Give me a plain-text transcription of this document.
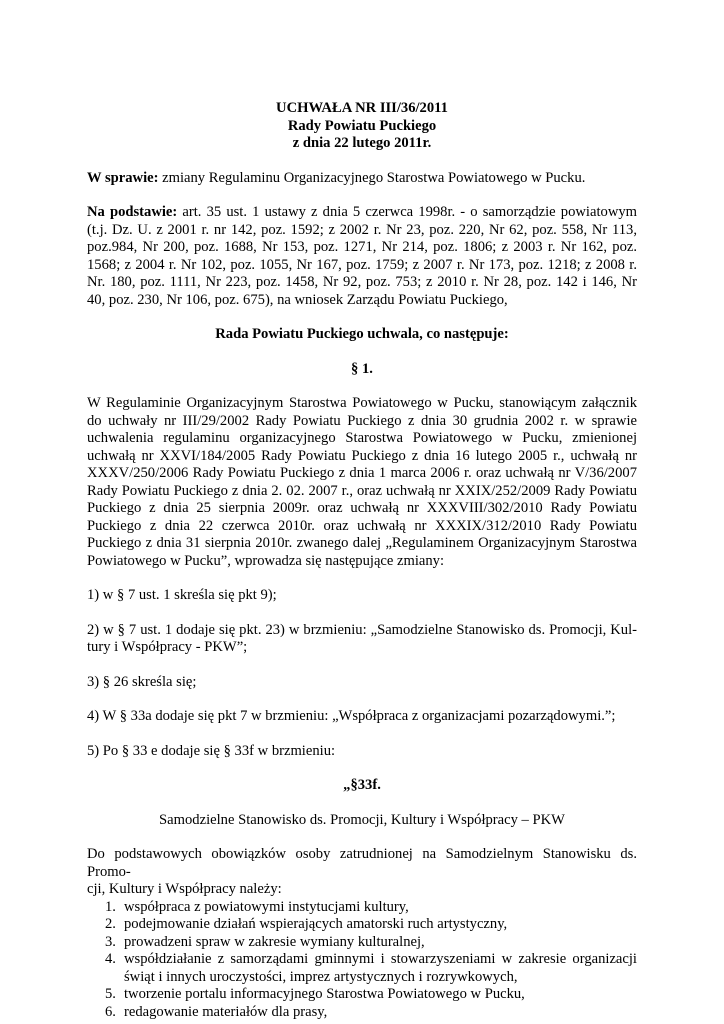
UCHWAŁA NR III/36/2011
Rady Powiatu Puckiego
z dnia 22 lutego 2011r.

W sprawie: zmiany Regulaminu Organizacyjnego Starostwa Powiatowego w Pucku.

Na podstawie: art. 35 ust. 1 ustawy z dnia 5 czerwca 1998r. - o samorządzie powiatowym

(t.j. Dz. U. z 2001 r. nr 142, poz. 1592; z 2002 r. Nr 23, poz. 220, Nr 62, poz. 558, Nr 113,

poz.984, Nr 200, poz. 1688, Nr 153, poz. 1271, Nr 214, poz. 1806; z 2003 r. Nr 162, poz.

1568; z 2004 r. Nr 102, poz. 1055, Nr 167, poz. 1759; z 2007 r. Nr 173, poz. 1218; z 2008 r.

Nr. 180, poz. 1111, Nr 223, poz. 1458, Nr 92, poz. 753; z 2010 r. Nr 28, poz. 142 i 146, Nr

40, poz. 230, Nr 106, poz. 675), na wniosek Zarządu Powiatu Puckiego,

Rada Powiatu Puckiego uchwala, co następuje:

§ 1.

W Regulaminie Organizacyjnym Starostwa Powiatowego w Pucku, stanowiącym załącznik

do uchwały nr III/29/2002 Rady Powiatu Puckiego z dnia 30 grudnia 2002 r. w sprawie

uchwalenia regulaminu organizacyjnego Starostwa Powiatowego w Pucku, zmienionej

uchwałą nr XXVI/184/2005 Rady Powiatu Puckiego z dnia 16 lutego 2005 r., uchwałą nr

XXXV/250/2006 Rady Powiatu Puckiego z dnia 1 marca 2006 r. oraz uchwałą nr V/36/2007

Rady Powiatu Puckiego z dnia 2. 02. 2007 r., oraz uchwałą nr XXIX/252/2009 Rady Powiatu

Puckiego z dnia 25 sierpnia 2009r. oraz uchwałą nr XXXVIII/302/2010 Rady Powiatu

Puckiego z dnia 22 czerwca 2010r. oraz uchwałą nr XXXIX/312/2010 Rady Powiatu

Puckiego z dnia 31 sierpnia 2010r. zwanego dalej „Regulaminem Organizacyjnym Starostwa

Powiatowego w Pucku”, wprowadza się następujące zmiany:

1) w § 7 ust. 1 skreśla się pkt 9);

2) w § 7 ust. 1 dodaje się pkt. 23) w brzmieniu: „Samodzielne Stanowisko ds. Promocji, Kul-

tury i Współpracy - PKW”;

3) § 26 skreśla się;

4) W § 33a dodaje się pkt 7 w brzmieniu: „Współpraca z organizacjami pozarządowymi.”;

5) Po § 33 e dodaje się § 33f w brzmieniu:

„§33f.

Samodzielne Stanowisko ds. Promocji, Kultury i Współpracy – PKW

Do podstawowych obowiązków osoby zatrudnionej na Samodzielnym Stanowisku ds. Promo-

cji, Kultury i Współpracy należy:

1. współpraca z powiatowymi instytucjami kultury,
2. podejmowanie działań wspierających amatorski ruch artystyczny,
3. prowadzeni spraw w zakresie wymiany kulturalnej,
4. współdziałanie z samorządami gminnymi i stowarzyszeniami w zakresie organizacji
świąt i innych uroczystości, imprez artystycznych i rozrywkowych,
5. tworzenie portalu informacyjnego Starostwa Powiatowego w Pucku,
6. redagowanie materiałów dla prasy,
